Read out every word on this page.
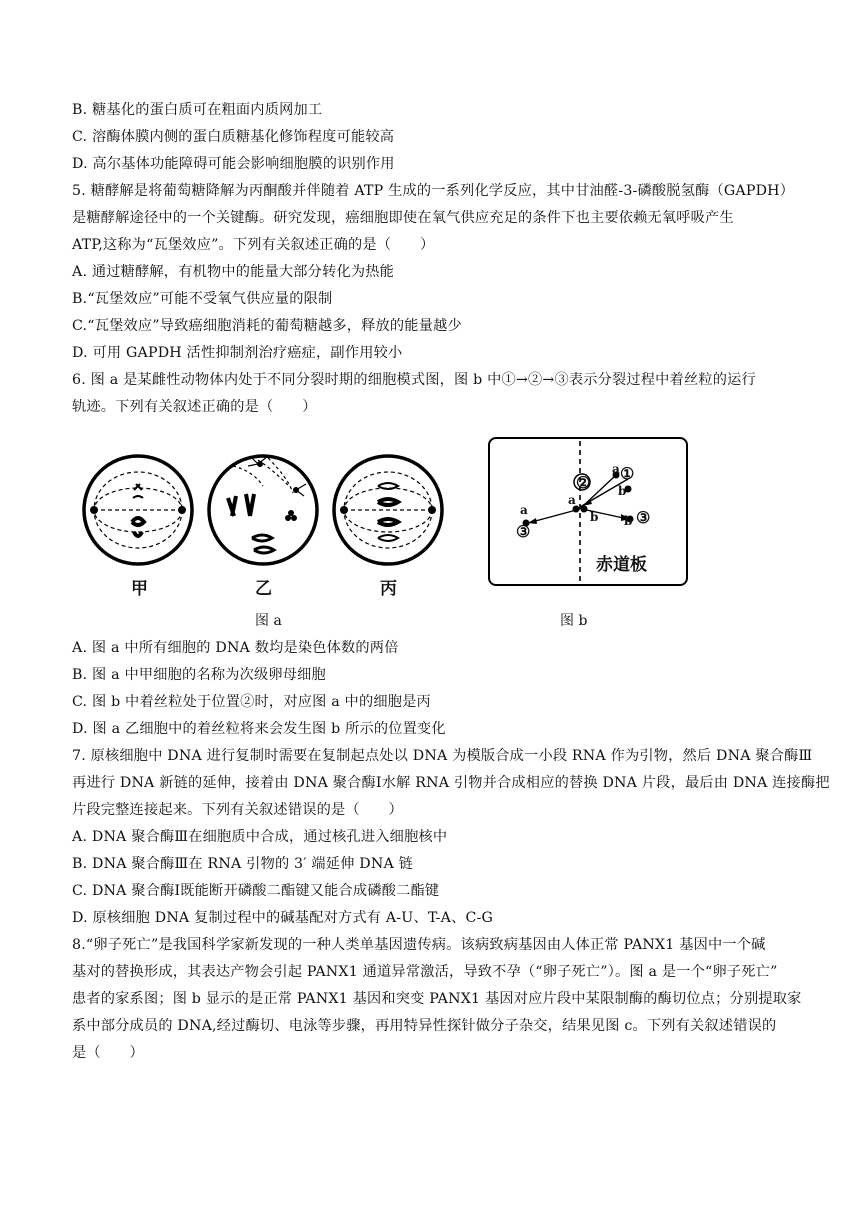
B. 糖基化的蛋白质可在粗面内质网加工
C. 溶酶体膜内侧的蛋白质糖基化修饰程度可能较高
D. 高尔基体功能障碍可能会影响细胞膜的识别作用
5. 糖酵解是将葡萄糖降解为丙酮酸并伴随着 ATP 生成的一系列化学反应，其中甘油醛-3-磷酸脱氢酶（GAPDH）
是糖酵解途径中的一个关键酶。研究发现，癌细胞即使在氧气供应充足的条件下也主要依赖无氧呼吸产生
ATP,这称为“瓦堡效应”。下列有关叙述正确的是（　　）
A. 通过糖酵解，有机物中的能量大部分转化为热能
B.“瓦堡效应”可能不受氧气供应量的限制
C.“瓦堡效应”导致癌细胞消耗的葡萄糖越多，释放的能量越少
D. 可用 GAPDH 活性抑制剂治疗癌症，副作用较小
6. 图 a 是某雌性动物体内处于不同分裂时期的细胞模式图，图 b 中①→②→③表示分裂过程中着丝粒的运行
轨迹。下列有关叙述正确的是（　　）
甲	乙	丙
a
b
①
②
a
b
a
③
b ③
赤道板
图 a	图 b
A. 图 a 中所有细胞的 DNA 数均是染色体数的两倍
B. 图 a 中甲细胞的名称为次级卵母细胞
C. 图 b 中着丝粒处于位置②时，对应图 a 中的细胞是丙
D. 图 a 乙细胞中的着丝粒将来会发生图 b 所示的位置变化
7. 原核细胞中 DNA 进行复制时需要在复制起点处以 DNA 为模版合成一小段 RNA 作为引物，然后 DNA 聚合酶Ⅲ
再进行 DNA 新链的延伸，接着由 DNA 聚合酶Ⅰ水解 RNA 引物并合成相应的替换 DNA 片段，最后由 DNA 连接酶把
片段完整连接起来。下列有关叙述错误的是（　　）
A. DNA 聚合酶Ⅲ在细胞质中合成，通过核孔进入细胞核中
B. DNA 聚合酶Ⅲ在 RNA 引物的 3′ 端延伸 DNA 链
C. DNA 聚合酶Ⅰ既能断开磷酸二酯键又能合成磷酸二酯键
D. 原核细胞 DNA 复制过程中的碱基配对方式有 A-U、T-A、C-G
8.“卵子死亡”是我国科学家新发现的一种人类单基因遗传病。该病致病基因由人体正常 PANX1 基因中一个碱
基对的替换形成，其表达产物会引起 PANX1 通道异常激活，导致不孕（“卵子死亡”）。图 a 是一个“卵子死亡”
患者的家系图；图 b 显示的是正常 PANX1 基因和突变 PANX1 基因对应片段中某限制酶的酶切位点；分别提取家
系中部分成员的 DNA,经过酶切、电泳等步骤，再用特异性探针做分子杂交，结果见图 c。下列有关叙述错误的
是（　　）
